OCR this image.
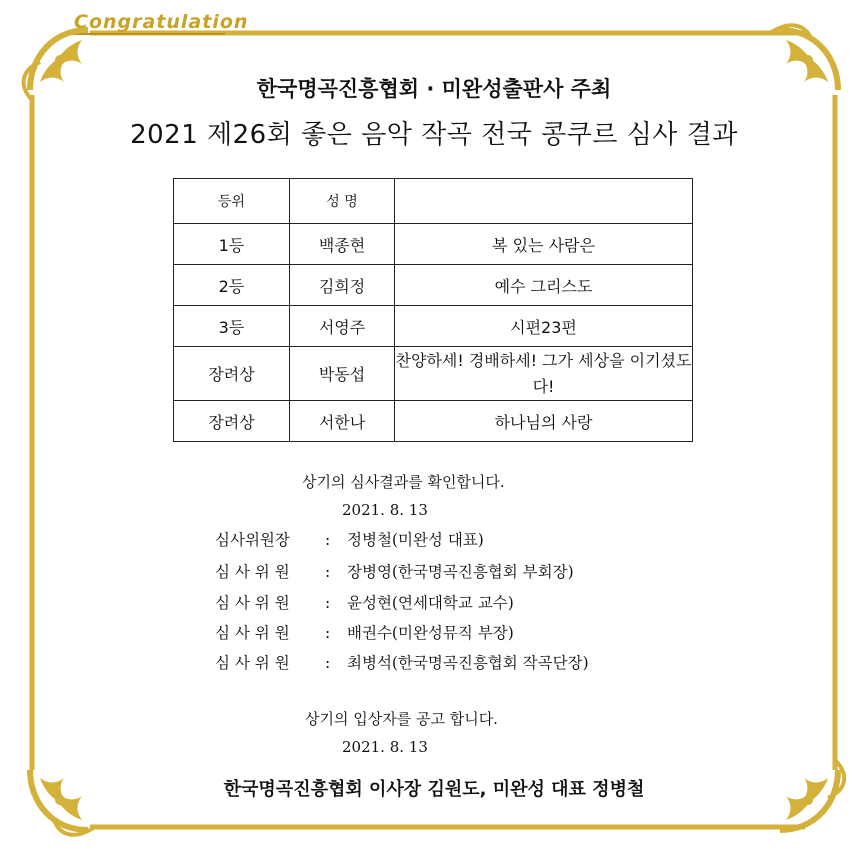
Congratulation
한국명곡진흥협회 · 미완성출판사 주최
2021 제26회 좋은 음악 작곡 전국 콩쿠르 심사 결과
등위	성 명	
1등	백종현	복 있는 사람은
2등	김희정	예수 그리스도
3등	서영주	시편23편
장려상	박동섭	찬양하세! 경배하세! 그가 세상을 이기셨도다!
장려상	서한나	하나님의 사랑
상기의 심사결과를 확인합니다.
2021. 8. 13
심사위원장 : 정병철(미완성 대표)
심 사 위 원 : 장병영(한국명곡진흥협회 부회장)
심 사 위 원 : 윤성현(연세대학교 교수)
심 사 위 원 : 배권수(미완성뮤직 부장)
심 사 위 원 : 최병석(한국명곡진흥협회 작곡단장)
상기의 입상자를 공고 합니다.
2021. 8. 13
한국명곡진흥협회 이사장 김원도, 미완성 대표 정병철
